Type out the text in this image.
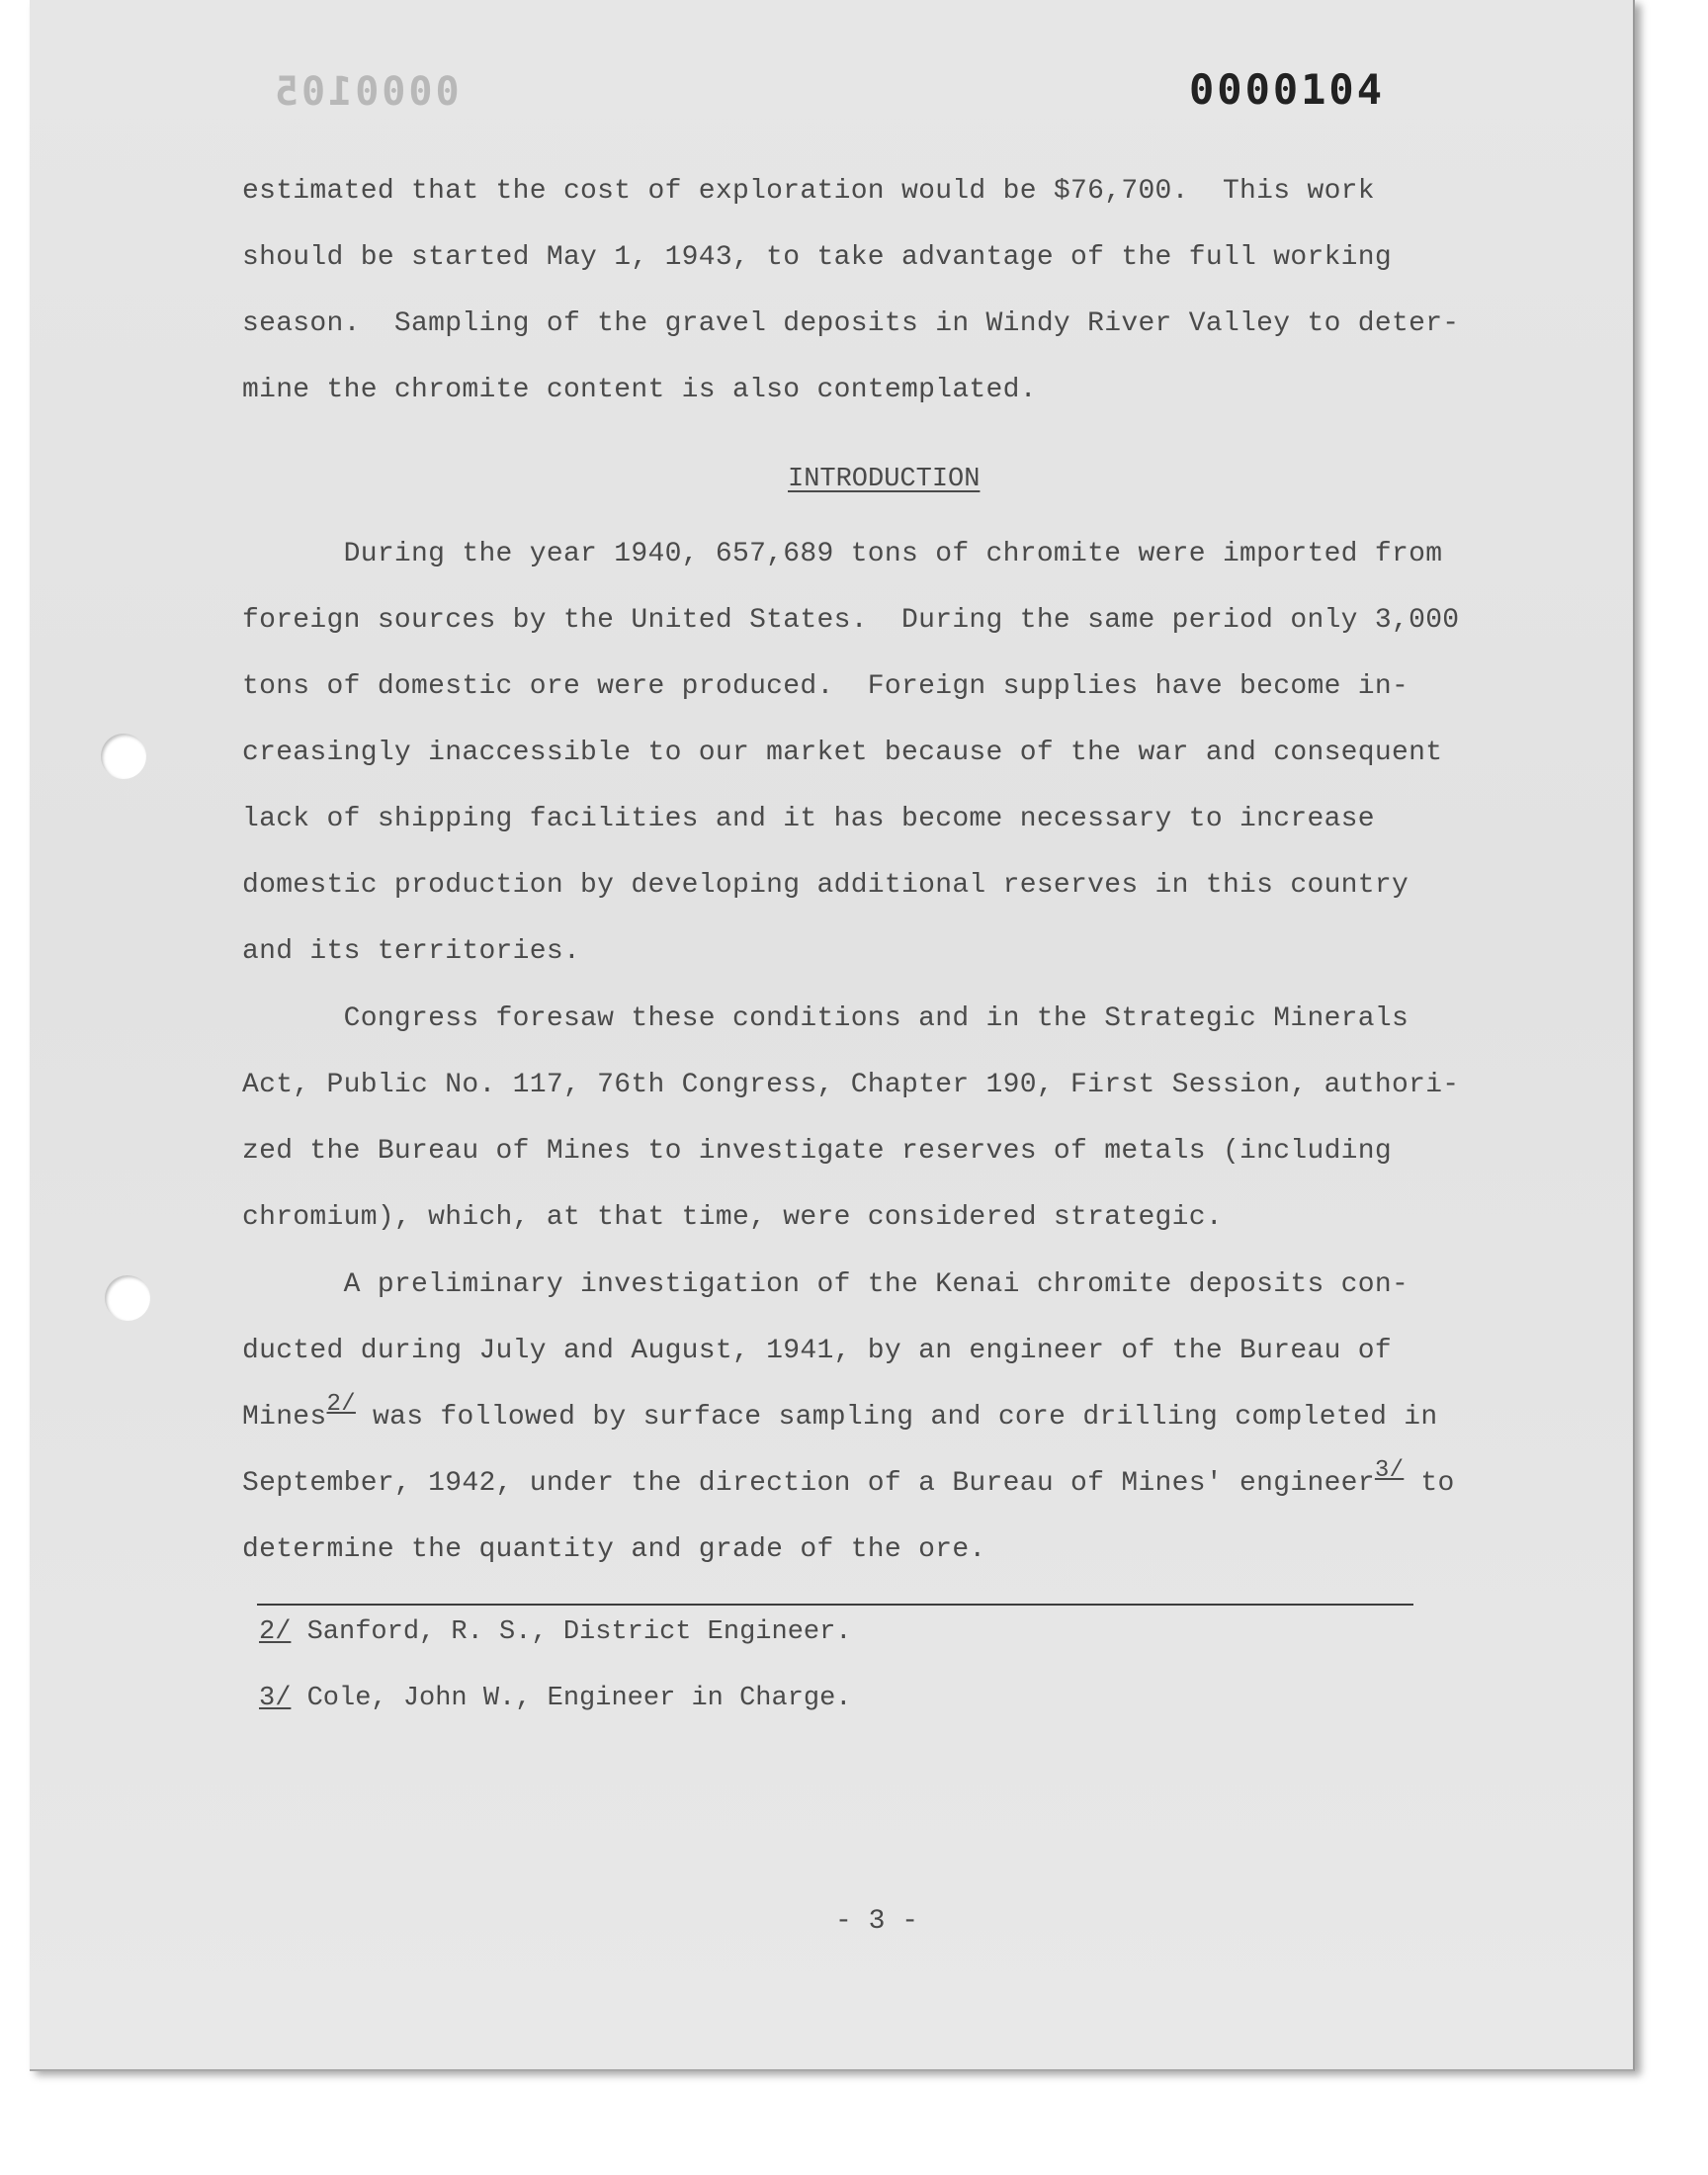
0000105	0000104
estimated that the cost of exploration would be $76,700.  This work
should be started May 1, 1943, to take advantage of the full working
season.  Sampling of the gravel deposits in Windy River Valley to deter-
mine the chromite content is also contemplated.
INTRODUCTION
During the year 1940, 657,689 tons of chromite were imported from
foreign sources by the United States.  During the same period only 3,000
tons of domestic ore were produced.  Foreign supplies have become in-
creasingly inaccessible to our market because of the war and consequent
lack of shipping facilities and it has become necessary to increase
domestic production by developing additional reserves in this country
and its territories.
Congress foresaw these conditions and in the Strategic Minerals
Act, Public No. 117, 76th Congress, Chapter 190, First Session, authori-
zed the Bureau of Mines to investigate reserves of metals (including
chromium), which, at that time, were considered strategic.
A preliminary investigation of the Kenai chromite deposits con-
ducted during July and August, 1941, by an engineer of the Bureau of
Mines2/ was followed by surface sampling and core drilling completed in
September, 1942, under the direction of a Bureau of Mines' engineer3/ to
determine the quantity and grade of the ore.
2/ Sanford, R. S., District Engineer.
3/ Cole, John W., Engineer in Charge.
- 3 -
